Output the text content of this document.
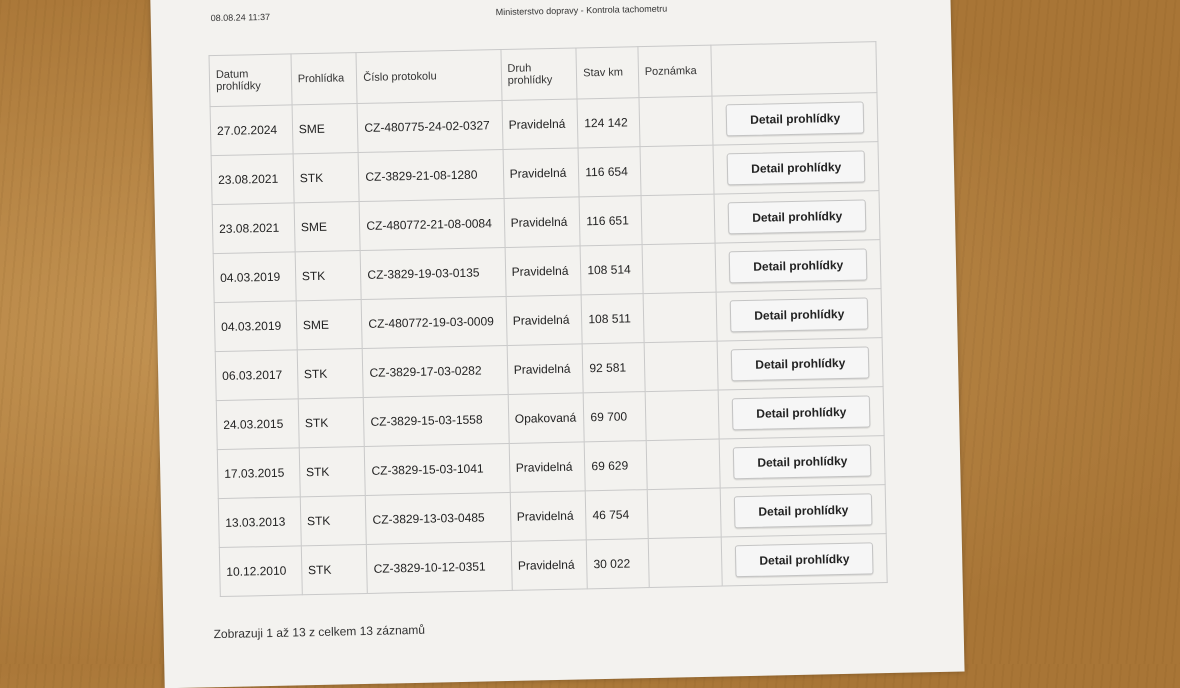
08.08.24 11:37
Ministerstvo dopravy - Kontrola tachometru
Datum prohlídky	Prohlídka	Číslo protokolu	Druh prohlídky	Stav km	Poznámka	
27.02.2024	SME	CZ-480775-24-02-0327	Pravidelná	124 142		Detail prohlídky

23.08.2021	STK	CZ-3829-21-08-1280	Pravidelná	116 654		Detail prohlídky

23.08.2021	SME	CZ-480772-21-08-0084	Pravidelná	116 651		Detail prohlídky

04.03.2019	STK	CZ-3829-19-03-0135	Pravidelná	108 514		Detail prohlídky

04.03.2019	SME	CZ-480772-19-03-0009	Pravidelná	108 511		Detail prohlídky

06.03.2017	STK	CZ-3829-17-03-0282	Pravidelná	92 581		Detail prohlídky

24.03.2015	STK	CZ-3829-15-03-1558	Opakovaná	69 700		Detail prohlídky

17.03.2015	STK	CZ-3829-15-03-1041	Pravidelná	69 629		Detail prohlídky

13.03.2013	STK	CZ-3829-13-03-0485	Pravidelná	46 754		Detail prohlídky

10.12.2010	STK	CZ-3829-10-12-0351	Pravidelná	30 022		Detail prohlídky
Zobrazuji 1 až 13 z celkem 13 záznamů
